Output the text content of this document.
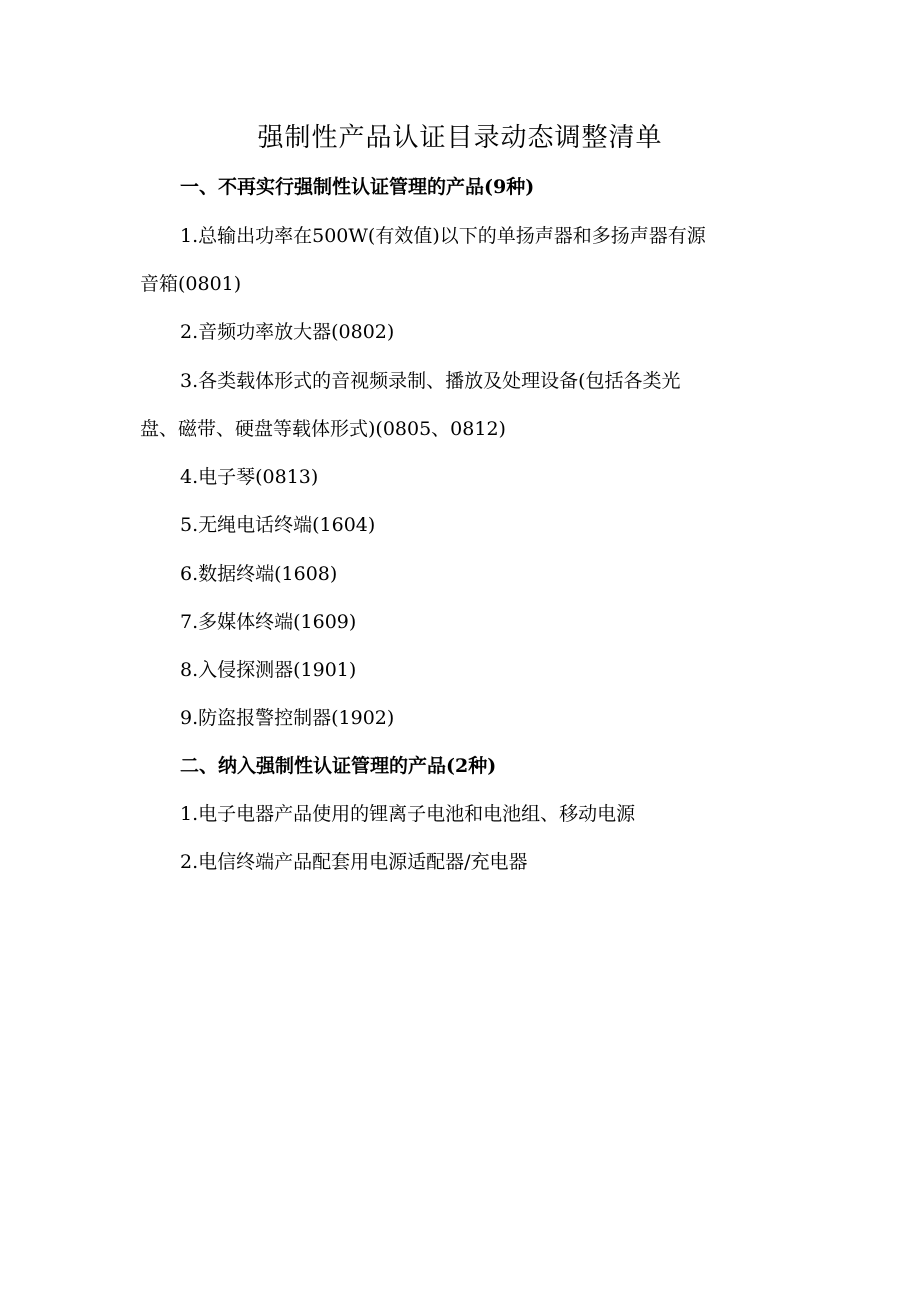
强制性产品认证目录动态调整清单
一、不再实行强制性认证管理的产品(9种)
1.总输出功率在500W(有效值)以下的单扬声器和多扬声器有源
音箱(0801)
2.音频功率放大器(0802)
3.各类载体形式的音视频录制、播放及处理设备(包括各类光
盘、磁带、硬盘等载体形式)(0805、0812)
4.电子琴(0813)
5.无绳电话终端(1604)
6.数据终端(1608)
7.多媒体终端(1609)
8.入侵探测器(1901)
9.防盗报警控制器(1902)
二、纳入强制性认证管理的产品(2种)
1.电子电器产品使用的锂离子电池和电池组、移动电源
2.电信终端产品配套用电源适配器/充电器
